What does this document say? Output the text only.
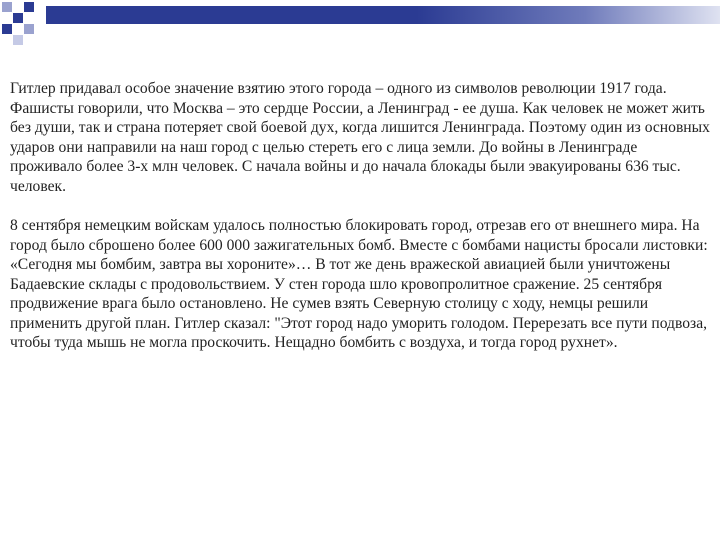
Гитлер придавал особое значение взятию этого города – одного из символов революции 1917 года. Фашисты говорили, что Москва – это сердце России, а Ленинград - ее душа. Как человек не может жить без души, так и страна потеряет свой боевой дух, когда лишится Ленинграда. Поэтому один из основных ударов они направили на наш город с целью стереть его с лица земли. До войны в Ленинграде проживало более 3-х млн человек. С начала войны и до начала блокады были эвакуированы 636 тыс. человек.

8 сентября немецким войскам удалось полностью блокировать город, отрезав его от внешнего мира. На город было сброшено более 600 000 зажигательных бомб. Вместе с бомбами нацисты бросали листовки: «Сегодня мы бомбим, завтра вы хороните»… В тот же день вражеской авиацией были уничтожены Бадаевские склады с продовольствием. У стен города шло кровопролитное сражение. 25 сентября продвижение врага было остановлено. Не сумев взять Северную столицу с ходу, немцы решили применить другой план. Гитлер сказал: "Этот город надо уморить голодом. Перерезать все пути подвоза, чтобы туда мышь не могла проскочить. Нещадно бомбить с воздуха, и тогда город рухнет».
